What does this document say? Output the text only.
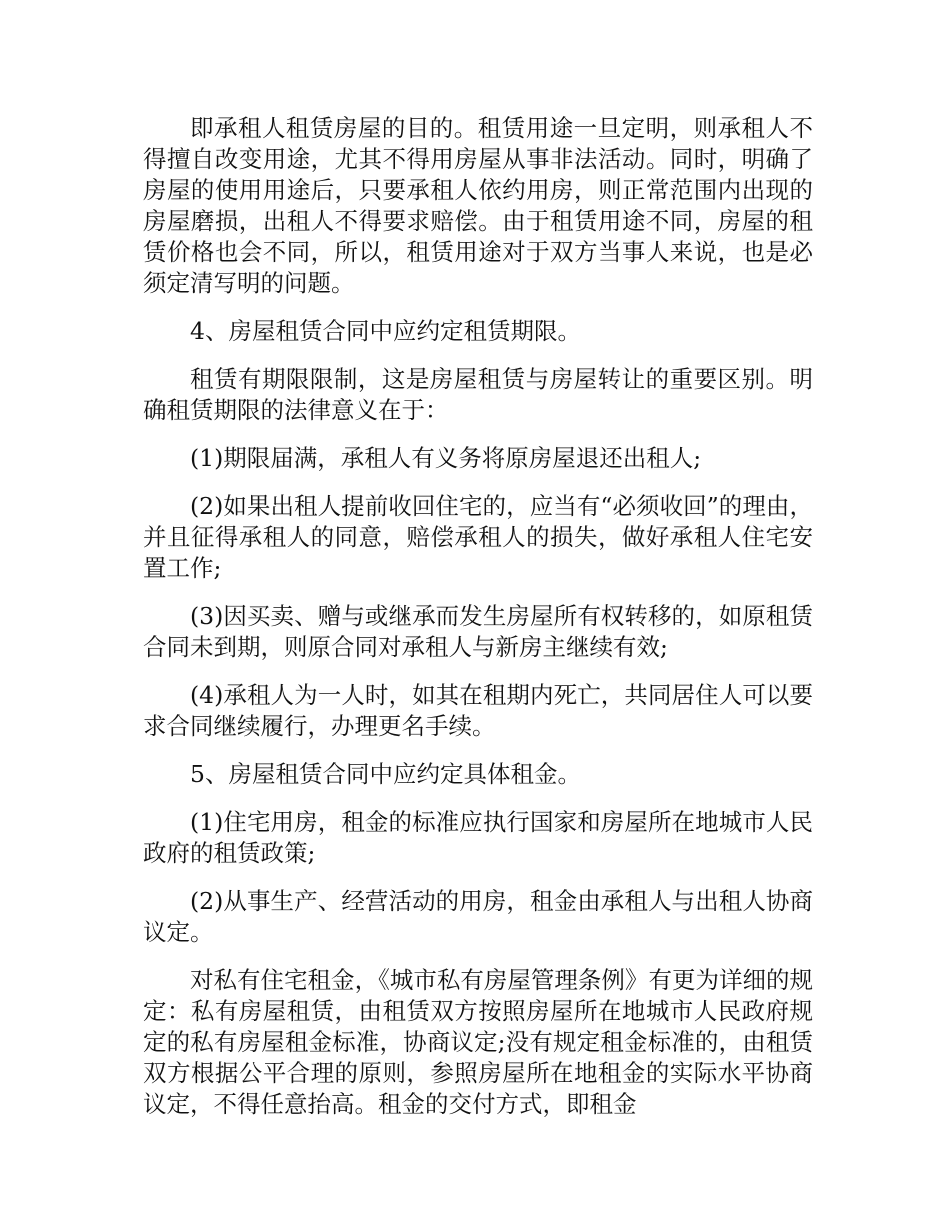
即承租人租赁房屋的目的。租赁用途一旦定明，则承租人不得擅自改变用途，尤其不得用房屋从事非法活动。同时，明确了房屋的使用用途后，只要承租人依约用房，则正常范围内出现的房屋磨损，出租人不得要求赔偿。由于租赁用途不同，房屋的租赁价格也会不同，所以，租赁用途对于双方当事人来说，也是必须定清写明的问题。

4、房屋租赁合同中应约定租赁期限。

租赁有期限限制，这是房屋租赁与房屋转让的重要区别。明确租赁期限的法律意义在于：

(1)期限届满，承租人有义务将原房屋退还出租人;

(2)如果出租人提前收回住宅的，应当有“必须收回”的理由，并且征得承租人的同意，赔偿承租人的损失，做好承租人住宅安置工作;

(3)因买卖、赠与或继承而发生房屋所有权转移的，如原租赁合同未到期，则原合同对承租人与新房主继续有效;

(4)承租人为一人时，如其在租期内死亡，共同居住人可以要求合同继续履行，办理更名手续。

5、房屋租赁合同中应约定具体租金。

(1)住宅用房，租金的标准应执行国家和房屋所在地城市人民政府的租赁政策;

(2)从事生产、经营活动的用房，租金由承租人与出租人协商议定。

对私有住宅租金，《城市私有房屋管理条例》有更为详细的规定：私有房屋租赁，由租赁双方按照房屋所在地城市人民政府规定的私有房屋租金标准，协商议定;没有规定租金标准的，由租赁双方根据公平合理的原则，参照房屋所在地租金的实际水平协商议定，不得任意抬高。租金的交付方式，即租金
